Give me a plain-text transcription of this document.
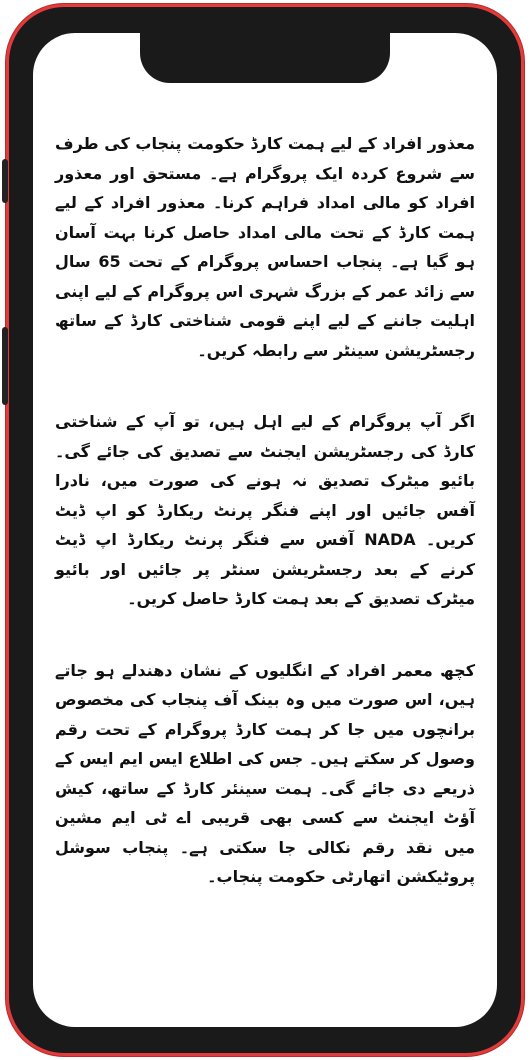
معذور افراد کے لیے ہمت کارڈ حکومت پنجاب کی طرف سے شروع کردہ ایک پروگرام ہے۔ مستحق اور معذور افراد کو مالی امداد فراہم کرنا۔ معذور افراد کے لیے ہمت کارڈ کے تحت مالی امداد حاصل کرنا بہت آسان ہو گیا ہے۔ پنجاب احساس پروگرام کے تحت 65 سال سے زائد عمر کے بزرگ شہری اس پروگرام کے لیے اپنی اہلیت جاننے کے لیے اپنے قومی شناختی کارڈ کے ساتھ رجسٹریشن سینٹر سے رابطہ کریں۔

اگر آپ پروگرام کے لیے اہل ہیں، تو آپ کے شناختی کارڈ کی رجسٹریشن ایجنٹ سے تصدیق کی جائے گی۔ بائیو میٹرک تصدیق نہ ہونے کی صورت میں، نادرا آفس جائیں اور اپنے فنگر پرنٹ ریکارڈ کو اپ ڈیٹ کریں۔ NADA آفس سے فنگر پرنٹ ریکارڈ اپ ڈیٹ کرنے کے بعد رجسٹریشن سنٹر پر جائیں اور بائیو میٹرک تصدیق کے بعد ہمت کارڈ حاصل کریں۔

کچھ معمر افراد کے انگلیوں کے نشان دھندلے ہو جاتے ہیں، اس صورت میں وہ بینک آف پنجاب کی مخصوص برانچوں میں جا کر ہمت کارڈ پروگرام کے تحت رقم وصول کر سکتے ہیں۔ جس کی اطلاع ایس ایم ایس کے ذریعے دی جائے گی۔ ہمت سینئر کارڈ کے ساتھ، کیش آؤٹ ایجنٹ سے کسی بھی قریبی اے ٹی ایم مشین میں نقد رقم نکالی جا سکتی ہے۔ پنجاب سوشل پروٹیکشن اتھارٹی حکومت پنجاب۔
